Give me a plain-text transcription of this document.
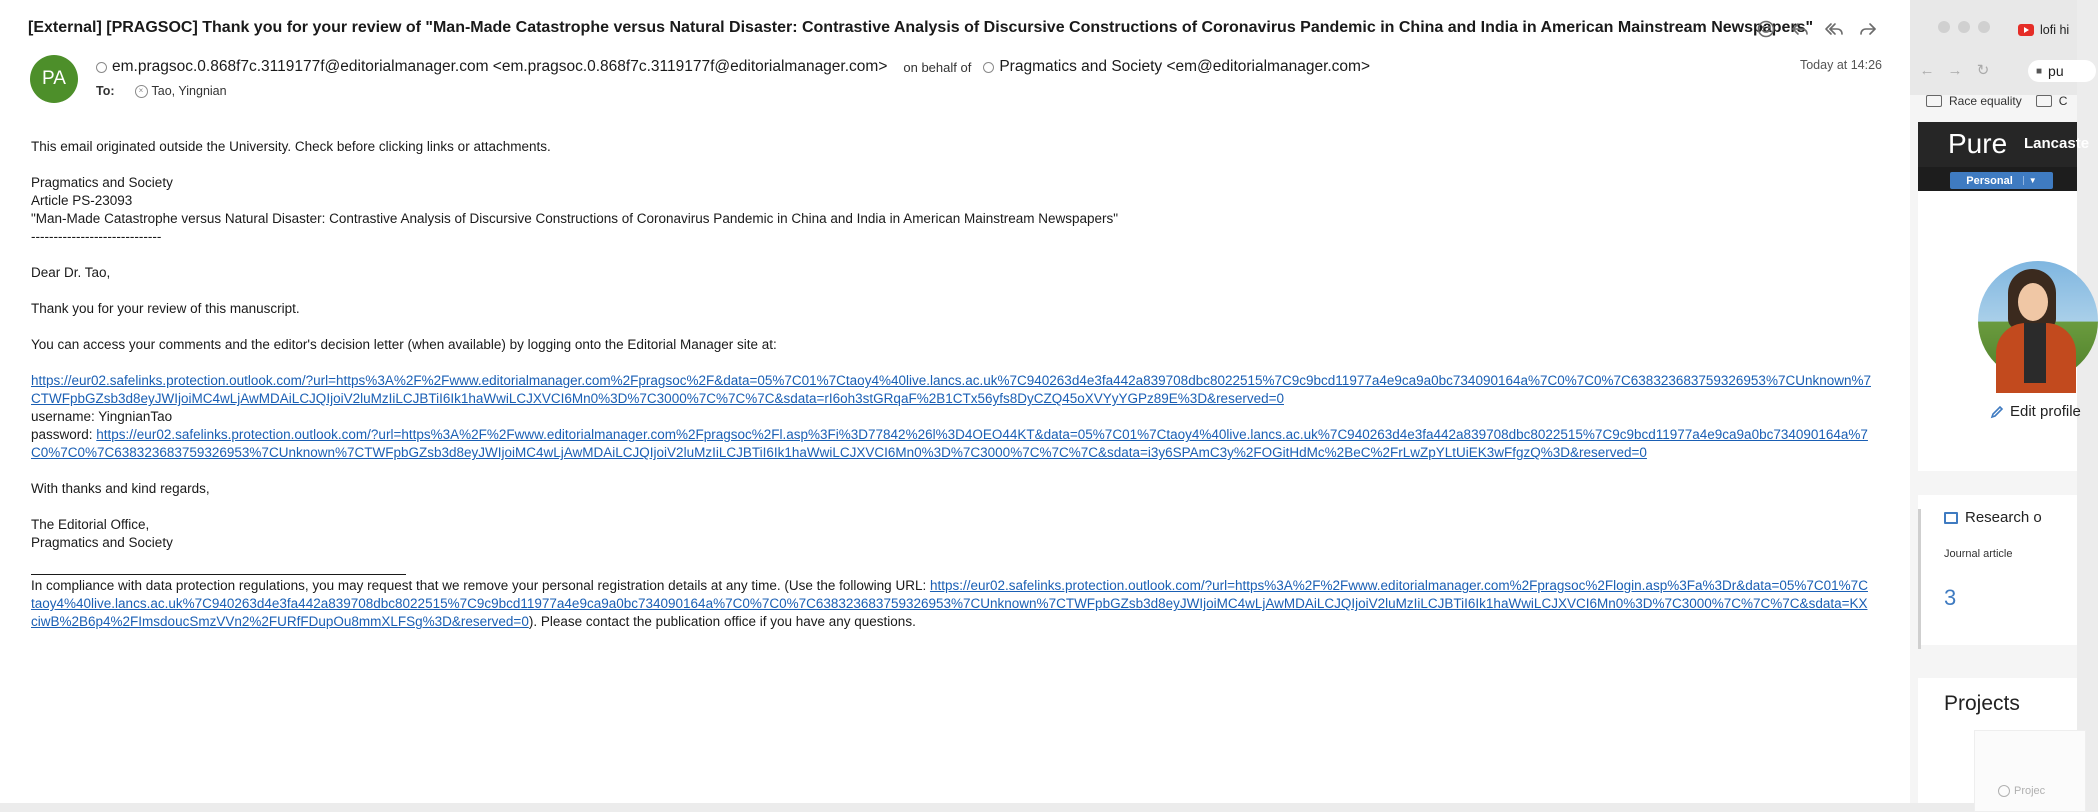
[External] [PRAGSOC] Thank you for your review of "Man-Made Catastrophe versus Natural Disaster: Contrastive Analysis of Discursive Constructions of Coronavirus Pandemic in China and India in American Mainstream Newspapers"
PA
em.pragsoc.0.868f7c.3119177f@editorialmanager.com <em.pragsoc.0.868f7c.3119177f@editorialmanager.com> on behalf of Pragmatics and Society <em@editorialmanager.com>	Today at 14:26
To:	× Tao, Yingnian

This email originated outside the University. Check before clicking links or attachments.

Pragmatics and Society

Article PS-23093

"Man-Made Catastrophe versus Natural Disaster: Contrastive Analysis of Discursive Constructions of Coronavirus Pandemic in China and India in American Mainstream Newspapers"

-----------------------------

Dear Dr. Tao,

Thank you for your review of this manuscript.

You can access your comments and the editor's decision letter (when available) by logging onto the Editorial Manager site at:

https://eur02.safelinks.protection.outlook.com/?url=https%3A%2F%2Fwww.editorialmanager.com%2Fpragsoc%2F&data=05%7C01%7Ctaoy4%40live.lancs.ac.uk%7C940263d4e3fa442a839708dbc8022515%7C9c9bcd11977a4e9ca9a0bc734090164a%7C0%7C0%7C638323683759326953%7CUnknown%7CTWFpbGZsb3d8eyJWIjoiMC4wLjAwMDAiLCJQIjoiV2luMzIiLCJBTiI6Ik1haWwiLCJXVCI6Mn0%3D%7C3000%7C%7C%7C&sdata=rI6oh3stGRqaF%2B1CTx56yfs8DyCZQ45oXVYyYGPz89E%3D&reserved=0

username: YingnianTao

password: https://eur02.safelinks.protection.outlook.com/?url=https%3A%2F%2Fwww.editorialmanager.com%2Fpragsoc%2Fl.asp%3Fi%3D77842%26l%3D4OEO44KT&data=05%7C01%7Ctaoy4%40live.lancs.ac.uk%7C940263d4e3fa442a839708dbc8022515%7C9c9bcd11977a4e9ca9a0bc734090164a%7C0%7C0%7C638323683759326953%7CUnknown%7CTWFpbGZsb3d8eyJWIjoiMC4wLjAwMDAiLCJQIjoiV2luMzIiLCJBTiI6Ik1haWwiLCJXVCI6Mn0%3D%7C3000%7C%7C%7C&sdata=i3y6SPAmC3y%2FOGitHdMc%2BeC%2FrLwZpYLtUiEK3wFfgzQ%3D&reserved=0

With thanks and kind regards,

The Editorial Office,

Pragmatics and Society

In compliance with data protection regulations, you may request that we remove your personal registration details at any time. (Use the following URL: https://eur02.safelinks.protection.outlook.com/?url=https%3A%2F%2Fwww.editorialmanager.com%2Fpragsoc%2Flogin.asp%3Fa%3Dr&data=05%7C01%7Ctaoy4%40live.lancs.ac.uk%7C940263d4e3fa442a839708dbc8022515%7C9c9bcd11977a4e9ca9a0bc734090164a%7C0%7C0%7C638323683759326953%7CUnknown%7CTWFpbGZsb3d8eyJWIjoiMC4wLjAwMDAiLCJQIjoiV2luMzIiLCJBTiI6Ik1haWwiLCJXVCI6Mn0%3D%7C3000%7C%7C%7C&sdata=KXciwB%2B6p4%2FImsdoucSmzVVn2%2FURfFDupOu8mmXLFSg%3D&reserved=0). Please contact the publication office if you have any questions.

lofi hi
← → ↻	■ pu
Race equality	C
Pure Lancaste
Personal	▼
Edit profile
Research o
Journal article
3
Projects
Projec
